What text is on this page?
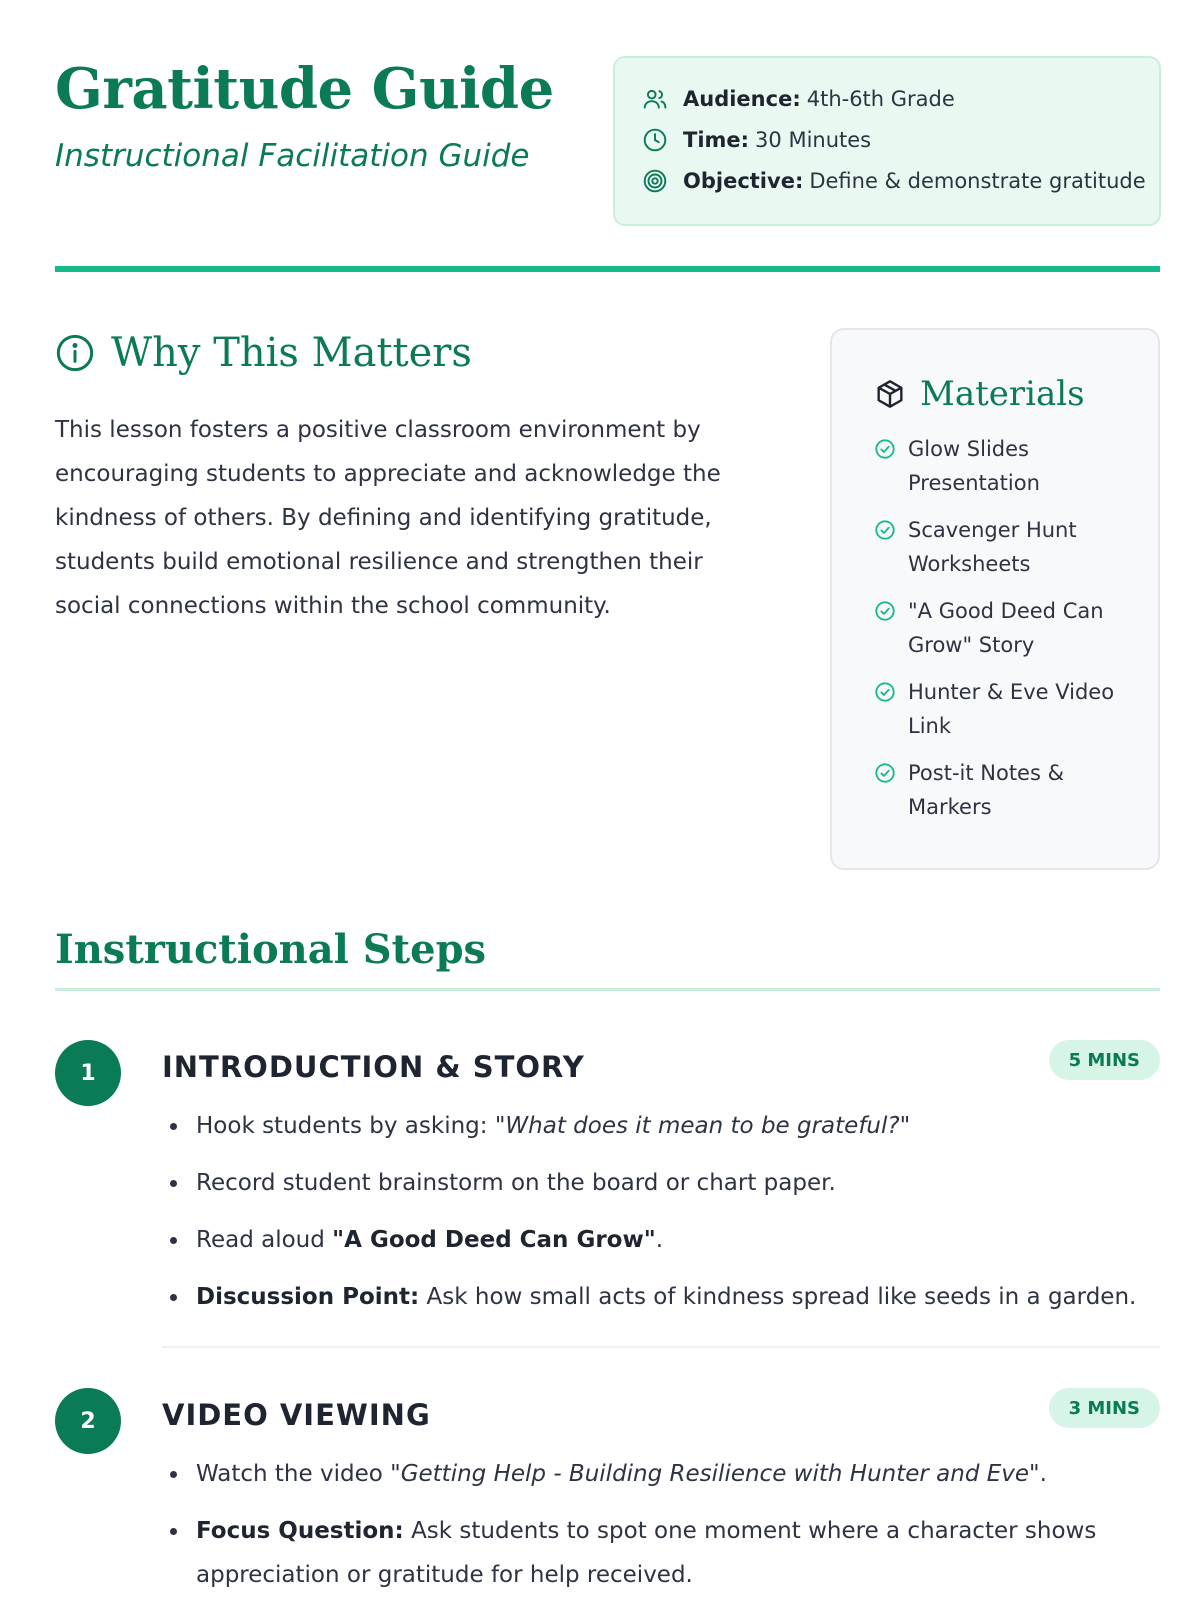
Gratitude Guide
Instructional Facilitation Guide
Audience: 4th-6th Grade
Time: 30 Minutes
Objective: Define & demonstrate gratitude
Why This Matters

This lesson fosters a positive classroom environment by encouraging students to appreciate and acknowledge the kindness of others. By defining and identifying gratitude, students build emotional resilience and strengthen their social connections within the school community.

Materials
Glow Slides Presentation
Scavenger Hunt Worksheets
"A Good Deed Can Grow" Story
Hunter & Eve Video Link
Post-it Notes & Markers
Instructional Steps
1	INTRODUCTION & STORY	5 MINS
Hook students by asking: "What does it mean to be grateful?"
Record student brainstorm on the board or chart paper.
Read aloud "A Good Deed Can Grow".
Discussion Point: Ask how small acts of kindness spread like seeds in a garden.
2	VIDEO VIEWING	3 MINS
Watch the video "Getting Help - Building Resilience with Hunter and Eve".
Focus Question: Ask students to spot one moment where a character shows appreciation or gratitude for help received.
